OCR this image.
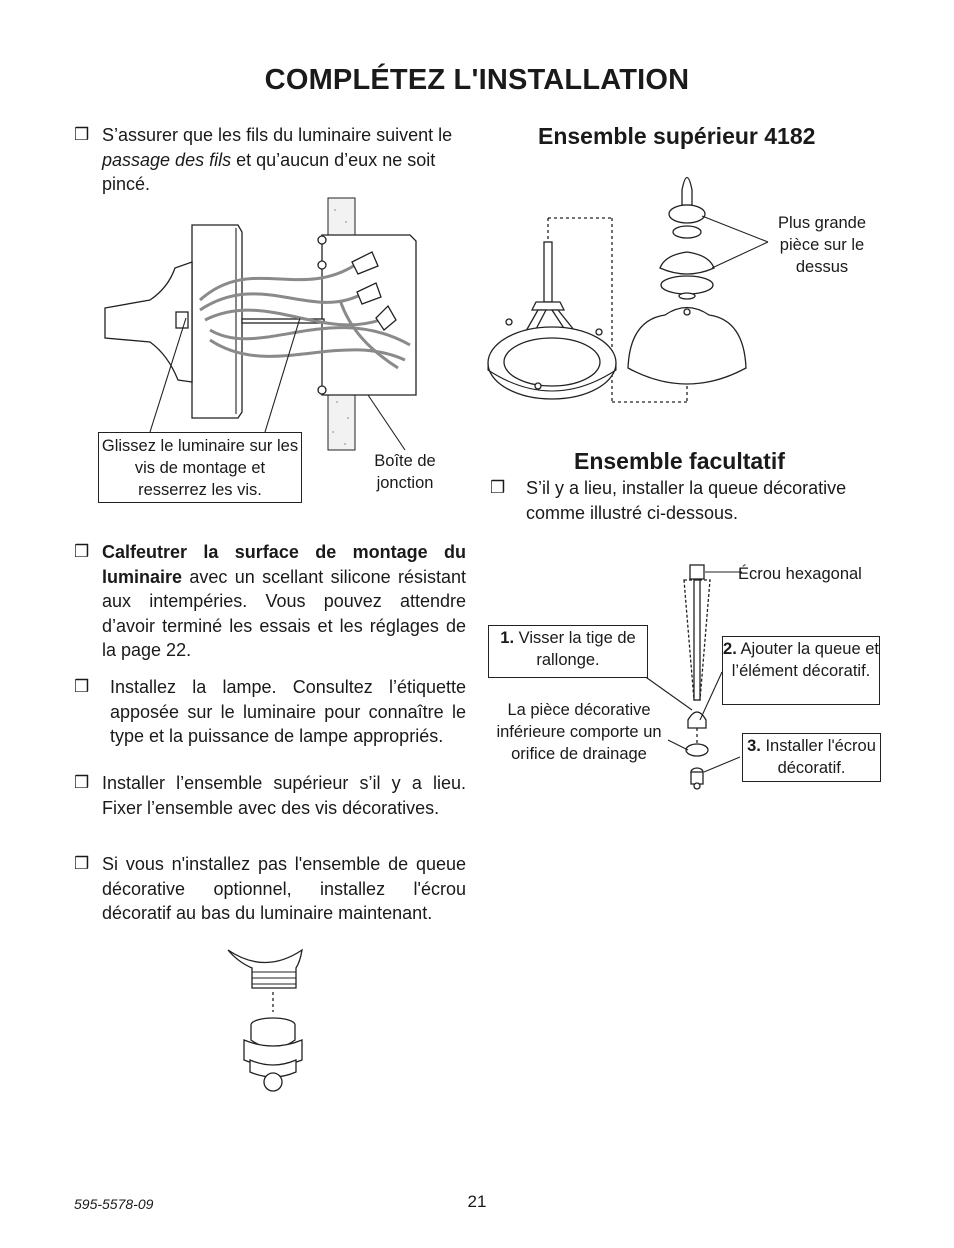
COMPLÉTEZ L'INSTALLATION
❒ S’assurer que les fils du luminaire suivent le passage des fils et qu’aucun d’eux ne soit pincé.
Glissez le luminaire sur les vis de montage et resserrez les vis.
Boîte de
jonction
❒ Calfeutrer la surface de montage du luminaire avec un scellant silicone résistant aux intempéries. Vous pouvez attendre d’avoir terminé les essais et les réglages de la page 22.
❒ Installez la lampe. Consultez l’étiquette apposée sur le luminaire pour connaître le type et la puissance de lampe appropriés.
❒ Installer l’ensemble supérieur s’il y a lieu. Fixer l’ensemble avec des vis décoratives.
❒ Si vous n'installez pas l'ensemble de queue décorative optionnel, installez l'écrou décoratif au bas du luminaire maintenant.
Ensemble supérieur 4182
Plus grande pièce sur le dessus
Ensemble facultatif
❒ S’il y a lieu, installer la queue décorative comme illustré ci-dessous.
Écrou hexagonal
1. Visser la tige de rallonge.
2. Ajouter la queue et l’élément décoratif.
La pièce décorative inférieure comporte un orifice de drainage	3. Installer l'écrou décoratif.
595-5578-09	21
